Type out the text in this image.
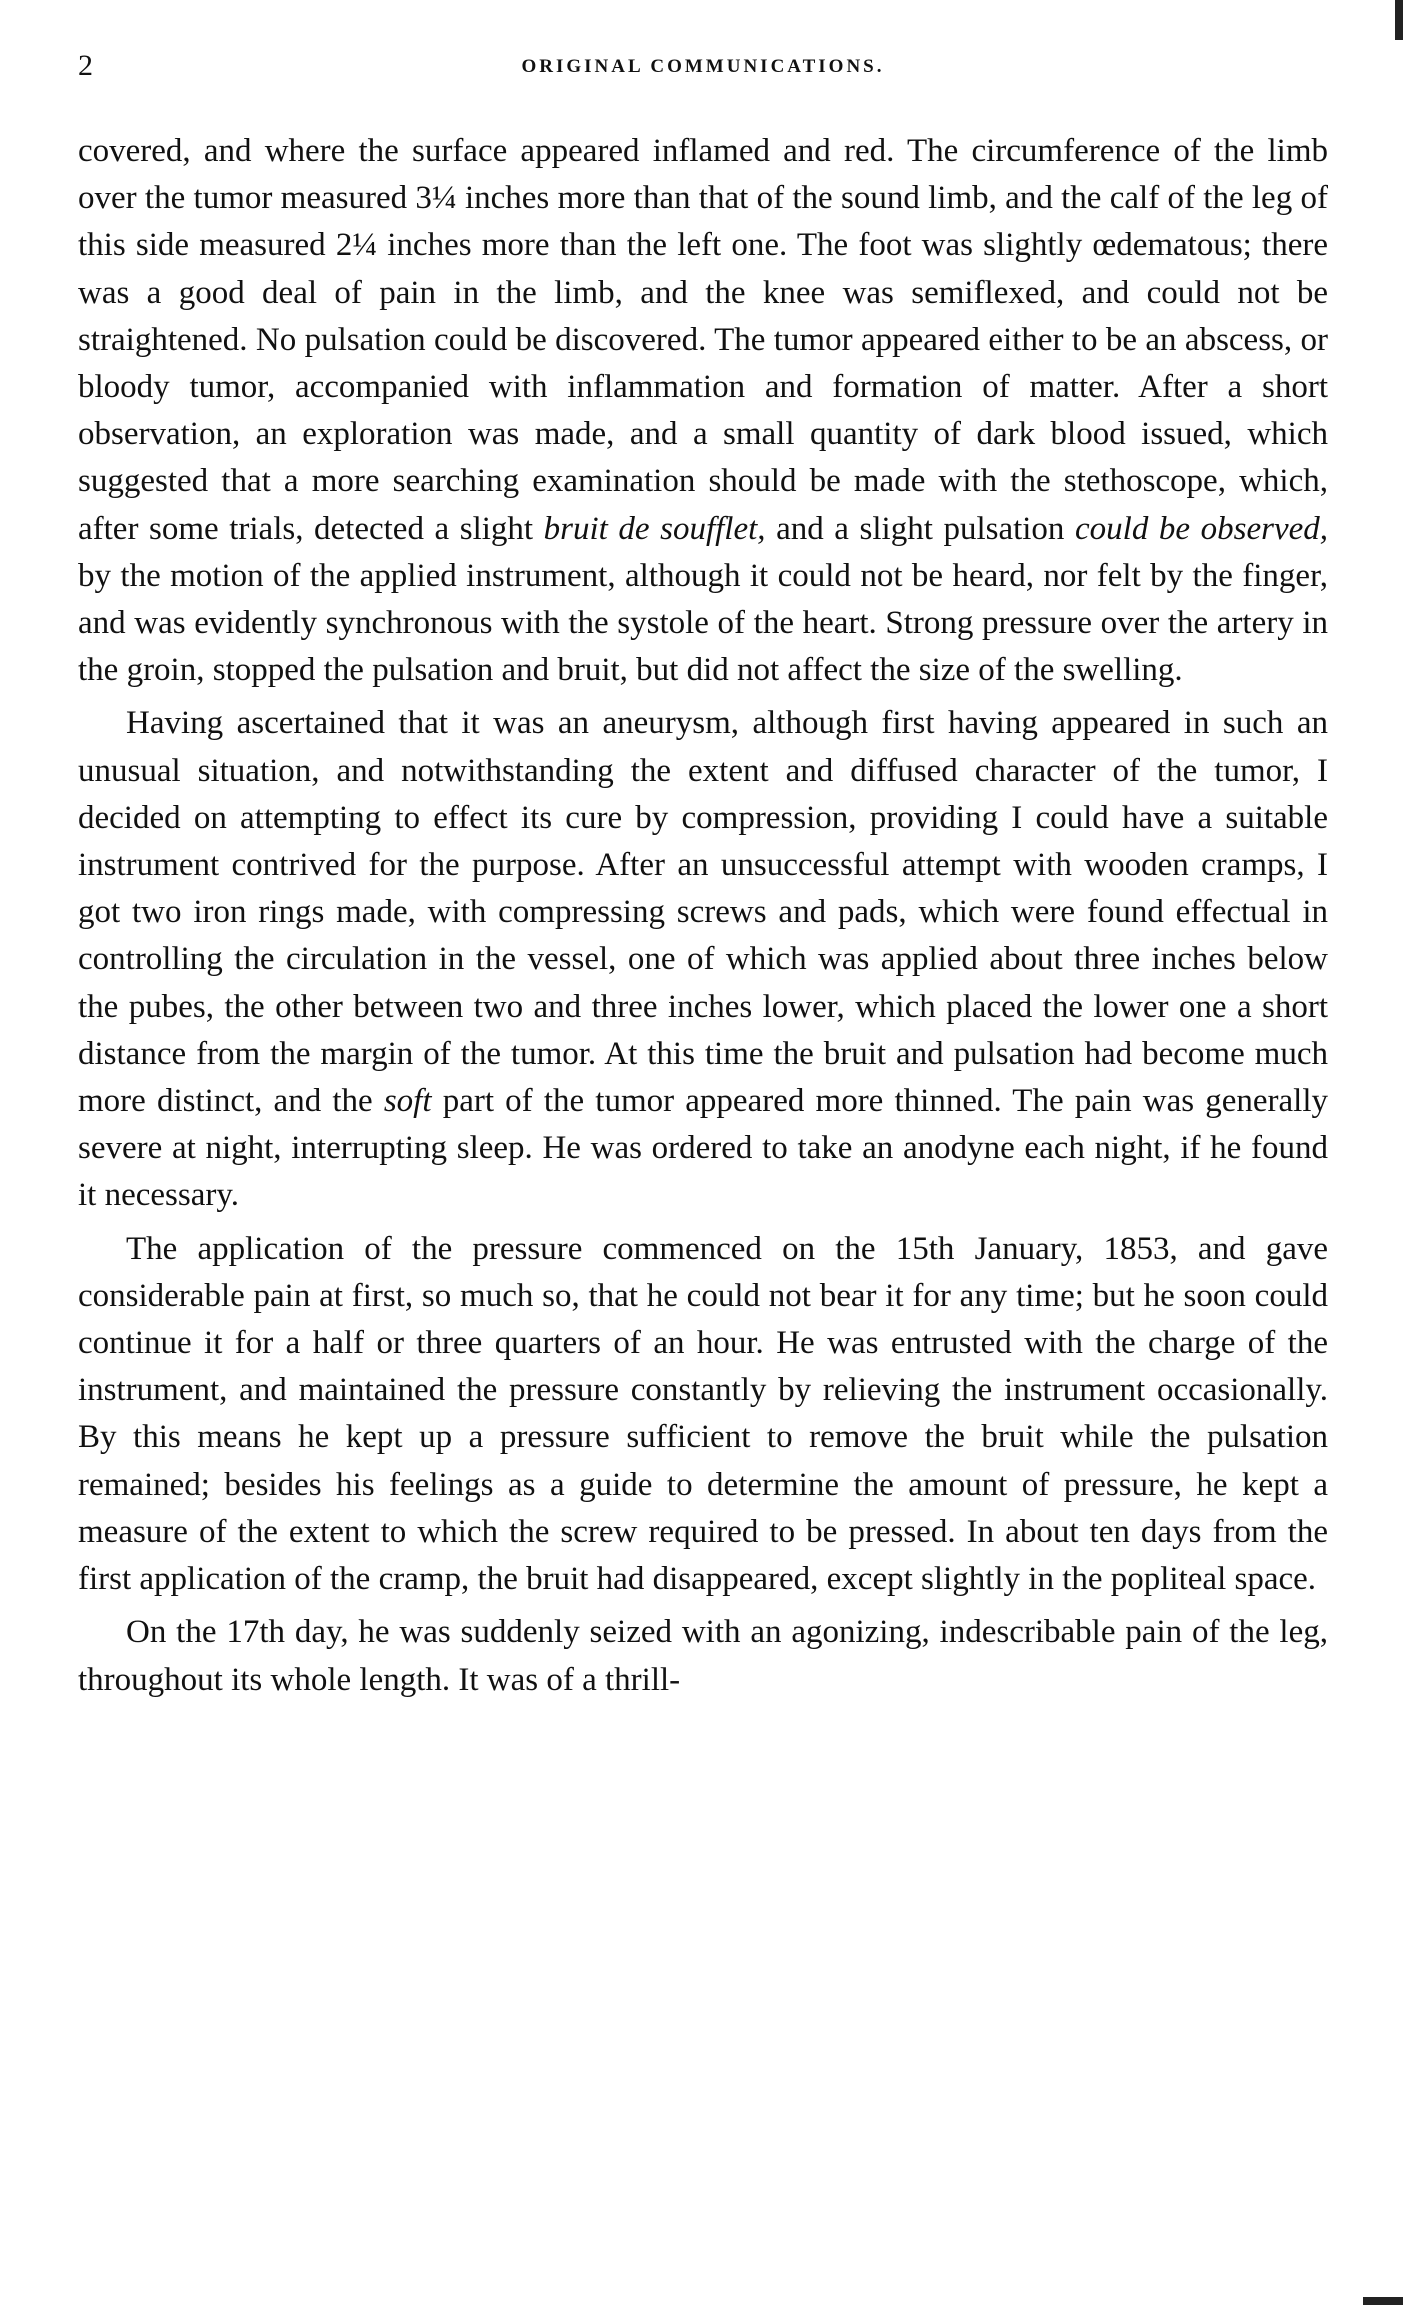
2	ORIGINAL COMMUNICATIONS.

covered, and where the surface appeared inflamed and red. The circumference of the limb over the tumor measured 3¼ inches more than that of the sound limb, and the calf of the leg of this side measured 2¼ inches more than the left one. The foot was slightly œdematous; there was a good deal of pain in the limb, and the knee was semiflexed, and could not be straightened. No pulsation could be discovered. The tumor appeared either to be an abscess, or bloody tumor, accompanied with inflammation and formation of matter. After a short observation, an exploration was made, and a small quantity of dark blood issued, which suggested that a more searching examination should be made with the stethoscope, which, after some trials, detected a slight bruit de soufflet, and a slight pulsation could be observed, by the motion of the applied instrument, although it could not be heard, nor felt by the finger, and was evidently synchronous with the systole of the heart. Strong pressure over the artery in the groin, stopped the pulsation and bruit, but did not affect the size of the swelling.

Having ascertained that it was an aneurysm, although first having appeared in such an unusual situation, and notwithstanding the extent and diffused character of the tumor, I decided on attempting to effect its cure by compression, providing I could have a suitable instrument contrived for the purpose. After an unsuccessful attempt with wooden cramps, I got two iron rings made, with compressing screws and pads, which were found effectual in controlling the circulation in the vessel, one of which was applied about three inches below the pubes, the other between two and three inches lower, which placed the lower one a short distance from the margin of the tumor. At this time the bruit and pulsation had become much more distinct, and the soft part of the tumor appeared more thinned. The pain was generally severe at night, interrupting sleep. He was ordered to take an anodyne each night, if he found it necessary.

The application of the pressure commenced on the 15th January, 1853, and gave considerable pain at first, so much so, that he could not bear it for any time; but he soon could continue it for a half or three quarters of an hour. He was entrusted with the charge of the instrument, and maintained the pressure constantly by relieving the instrument occasionally. By this means he kept up a pressure sufficient to remove the bruit while the pulsation remained; besides his feelings as a guide to determine the amount of pressure, he kept a measure of the extent to which the screw required to be pressed. In about ten days from the first application of the cramp, the bruit had disappeared, except slightly in the popliteal space.

On the 17th day, he was suddenly seized with an agonizing, indescribable pain of the leg, throughout its whole length. It was of a thrill-
